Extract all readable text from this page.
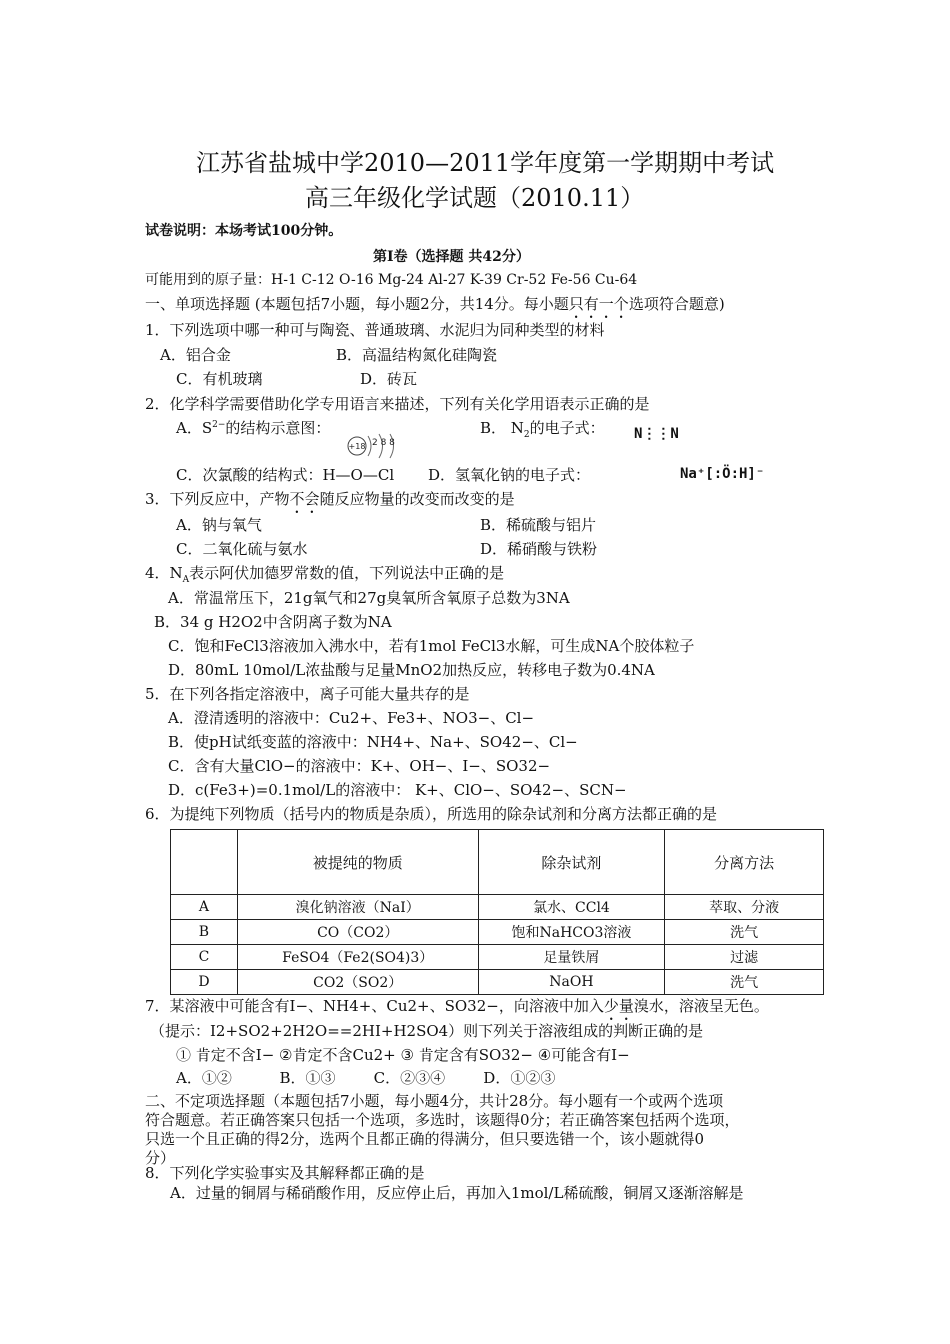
江苏省盐城中学2010—2011学年度第一学期期中考试
高三年级化学试题（2010.11）
试卷说明：本场考试100分钟。
第Ⅰ卷（选择题 共42分）
可能用到的原子量：H-1 C-12 O-16 Mg-24 Al-27 K-39 Cr-52 Fe-56 Cu-64
一、单项选择题 (本题包括7小题，每小题2分，共14分。每小题只有一个选项符合题意)
1．下列选项中哪一种可与陶瓷、普通玻璃、水泥归为同种类型的材料
A．铝合金	B．高温结构氮化硅陶瓷
C．有机玻璃	D．砖瓦
2．化学科学需要借助化学专用语言来描述，下列有关化学用语表示正确的是
A．$S^{2-}$的结构示意图：
+18 2 8 8
B． $N_2$的电子式： N⋮⋮N
C．次氯酸的结构式：H—O—Cl D．氢氧化钠的电子式：	Na⁺[:Ö:H]⁻
3．下列反应中，产物不会随反应物量的改变而改变的是
A．钠与氧气	B．稀硫酸与铝片
C．二氧化硫与氨水	D．稀硝酸与铁粉
4．$N_A$表示阿伏加德罗常数的值，下列说法中正确的是
A．常温常压下，21g氧气和27g臭氧所含氧原子总数为3NA
B．34 g H2O2中含阴离子数为NA
C．饱和FeCl3溶液加入沸水中，若有1mol FeCl3水解，可生成NA个胶体粒子
D．80mL 10mol/L浓盐酸与足量MnO2加热反应，转移电子数为0.4NA
5．在下列各指定溶液中，离子可能大量共存的是
A．澄清透明的溶液中：Cu2+、Fe3+、NO3−、Cl−
B．使pH试纸变蓝的溶液中：NH4+、Na+、SO42−、Cl−
C．含有大量ClO−的溶液中：K+、OH−、I−、SO32−
D．c(Fe3+)=0.1mol/L的溶液中： K+、ClO−、SO42−、SCN−
6．为提纯下列物质（括号内的物质是杂质），所选用的除杂试剂和分离方法都正确的是
	被提纯的物质	除杂试剂	分离方法
A	溴化钠溶液（NaI）	氯水、CCl4	萃取、分液
B	CO（CO2）	饱和NaHCO3溶液	洗气
C	FeSO4（Fe2(SO4)3）	足量铁屑	过滤
D	CO2（SO2）	NaOH	洗气
7．某溶液中可能含有I−、NH4+、Cu2+、SO32−，向溶液中加入少量溴水，溶液呈无色。
（提示：I2+SO2+2H2O==2HI+H2SO4）则下列关于溶液组成的判断正确的是
① 肯定不含I− ②肯定不含Cu2+ ③ 肯定含有SO32− ④可能含有I−
A．①②          B．①③        C．②③④        D．①②③
二、不定项选择题（本题包括7小题，每小题4分，共计28分。每小题有一个或两个选项
符合题意。若正确答案只包括一个选项，多选时，该题得0分；若正确答案包括两个选项，
只选一个且正确的得2分，选两个且都正确的得满分，但只要选错一个，该小题就得0
分）
8．下列化学实验事实及其解释都正确的是
A．过量的铜屑与稀硝酸作用，反应停止后，再加入1mol/L稀硫酸，铜屑又逐渐溶解是
